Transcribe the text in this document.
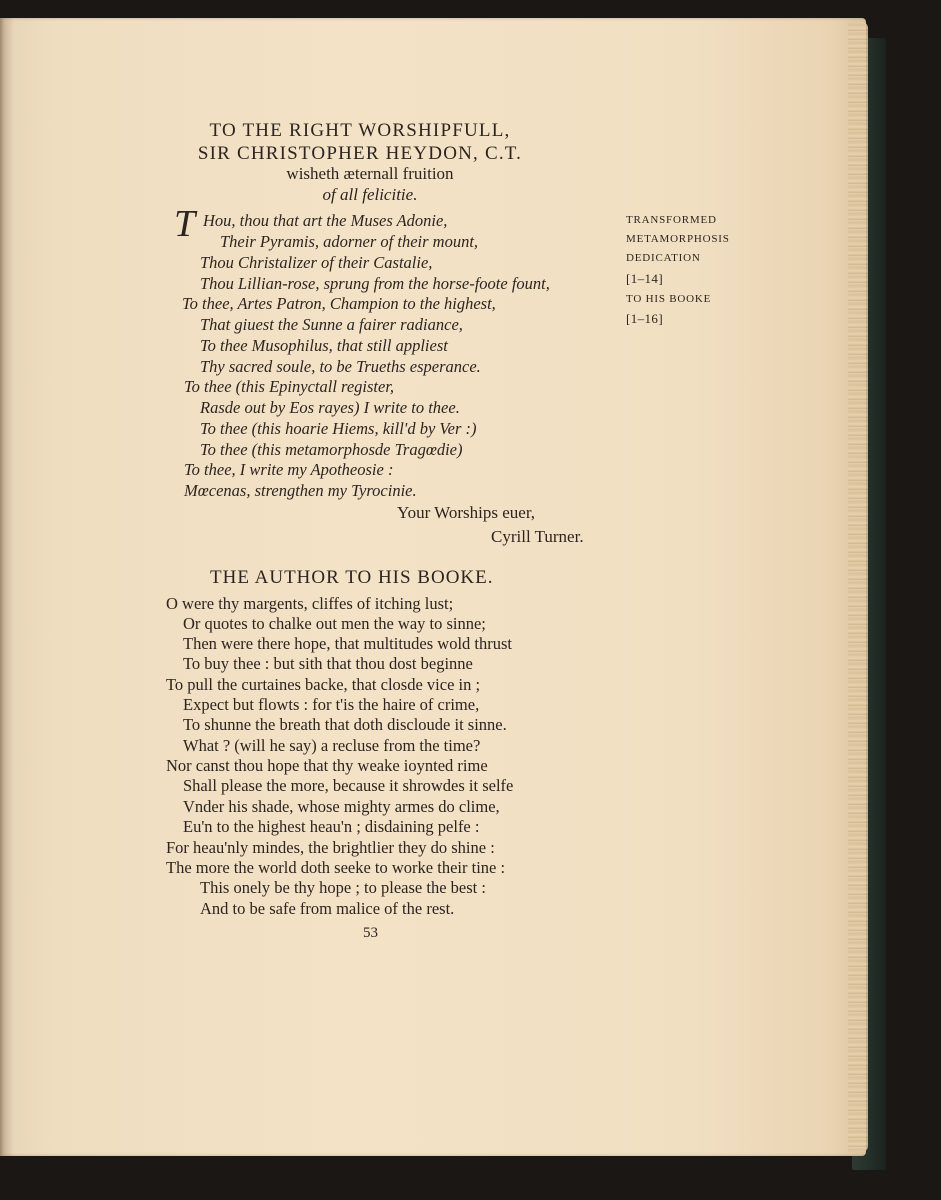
TO THE RIGHT WORSHIPFULL,
SIR CHRISTOPHER HEYDON, C.T.
wisheth æternall fruition
of all felicitie.
T Hou, thou that art the Muses Adonie,
Their Pyramis, adorner of their mount,
Thou Christalizer of their Castalie,
Thou Lillian-rose, sprung from the horse-foote fount,
To thee, Artes Patron, Champion to the highest,
That giuest the Sunne a fairer radiance,
To thee Musophilus, that still appliest
Thy sacred soule, to be Trueths esperance.
To thee (this Epinyctall register,
Rasde out by Eos rayes) I write to thee.
To thee (this hoarie Hiems, kill'd by Ver :)
To thee (this metamorphosde Tragœdie)
To thee, I write my Apotheosie :
Mœcenas, strengthen my Tyrocinie.
Your Worships euer,
Cyrill Turner.
TRANSFORMED
METAMORPHOSIS
DEDICATION
[1–14]
TO HIS BOOKE
[1–16]
THE AUTHOR TO HIS BOOKE.
O were thy margents, cliffes of itching lust;
Or quotes to chalke out men the way to sinne;
Then were there hope, that multitudes wold thrust
To buy thee : but sith that thou dost beginne
To pull the curtaines backe, that closde vice in ;
Expect but flowts : for t'is the haire of crime,
To shunne the breath that doth discloude it sinne.
What ? (will he say) a recluse from the time?
Nor canst thou hope that thy weake ioynted rime
Shall please the more, because it shrowdes it selfe
Vnder his shade, whose mighty armes do clime,
Eu'n to the highest heau'n ; disdaining pelfe :
For heau'nly mindes, the brightlier they do shine :
The more the world doth seeke to worke their tine :
This onely be thy hope ; to please the best :
And to be safe from malice of the rest.
53
